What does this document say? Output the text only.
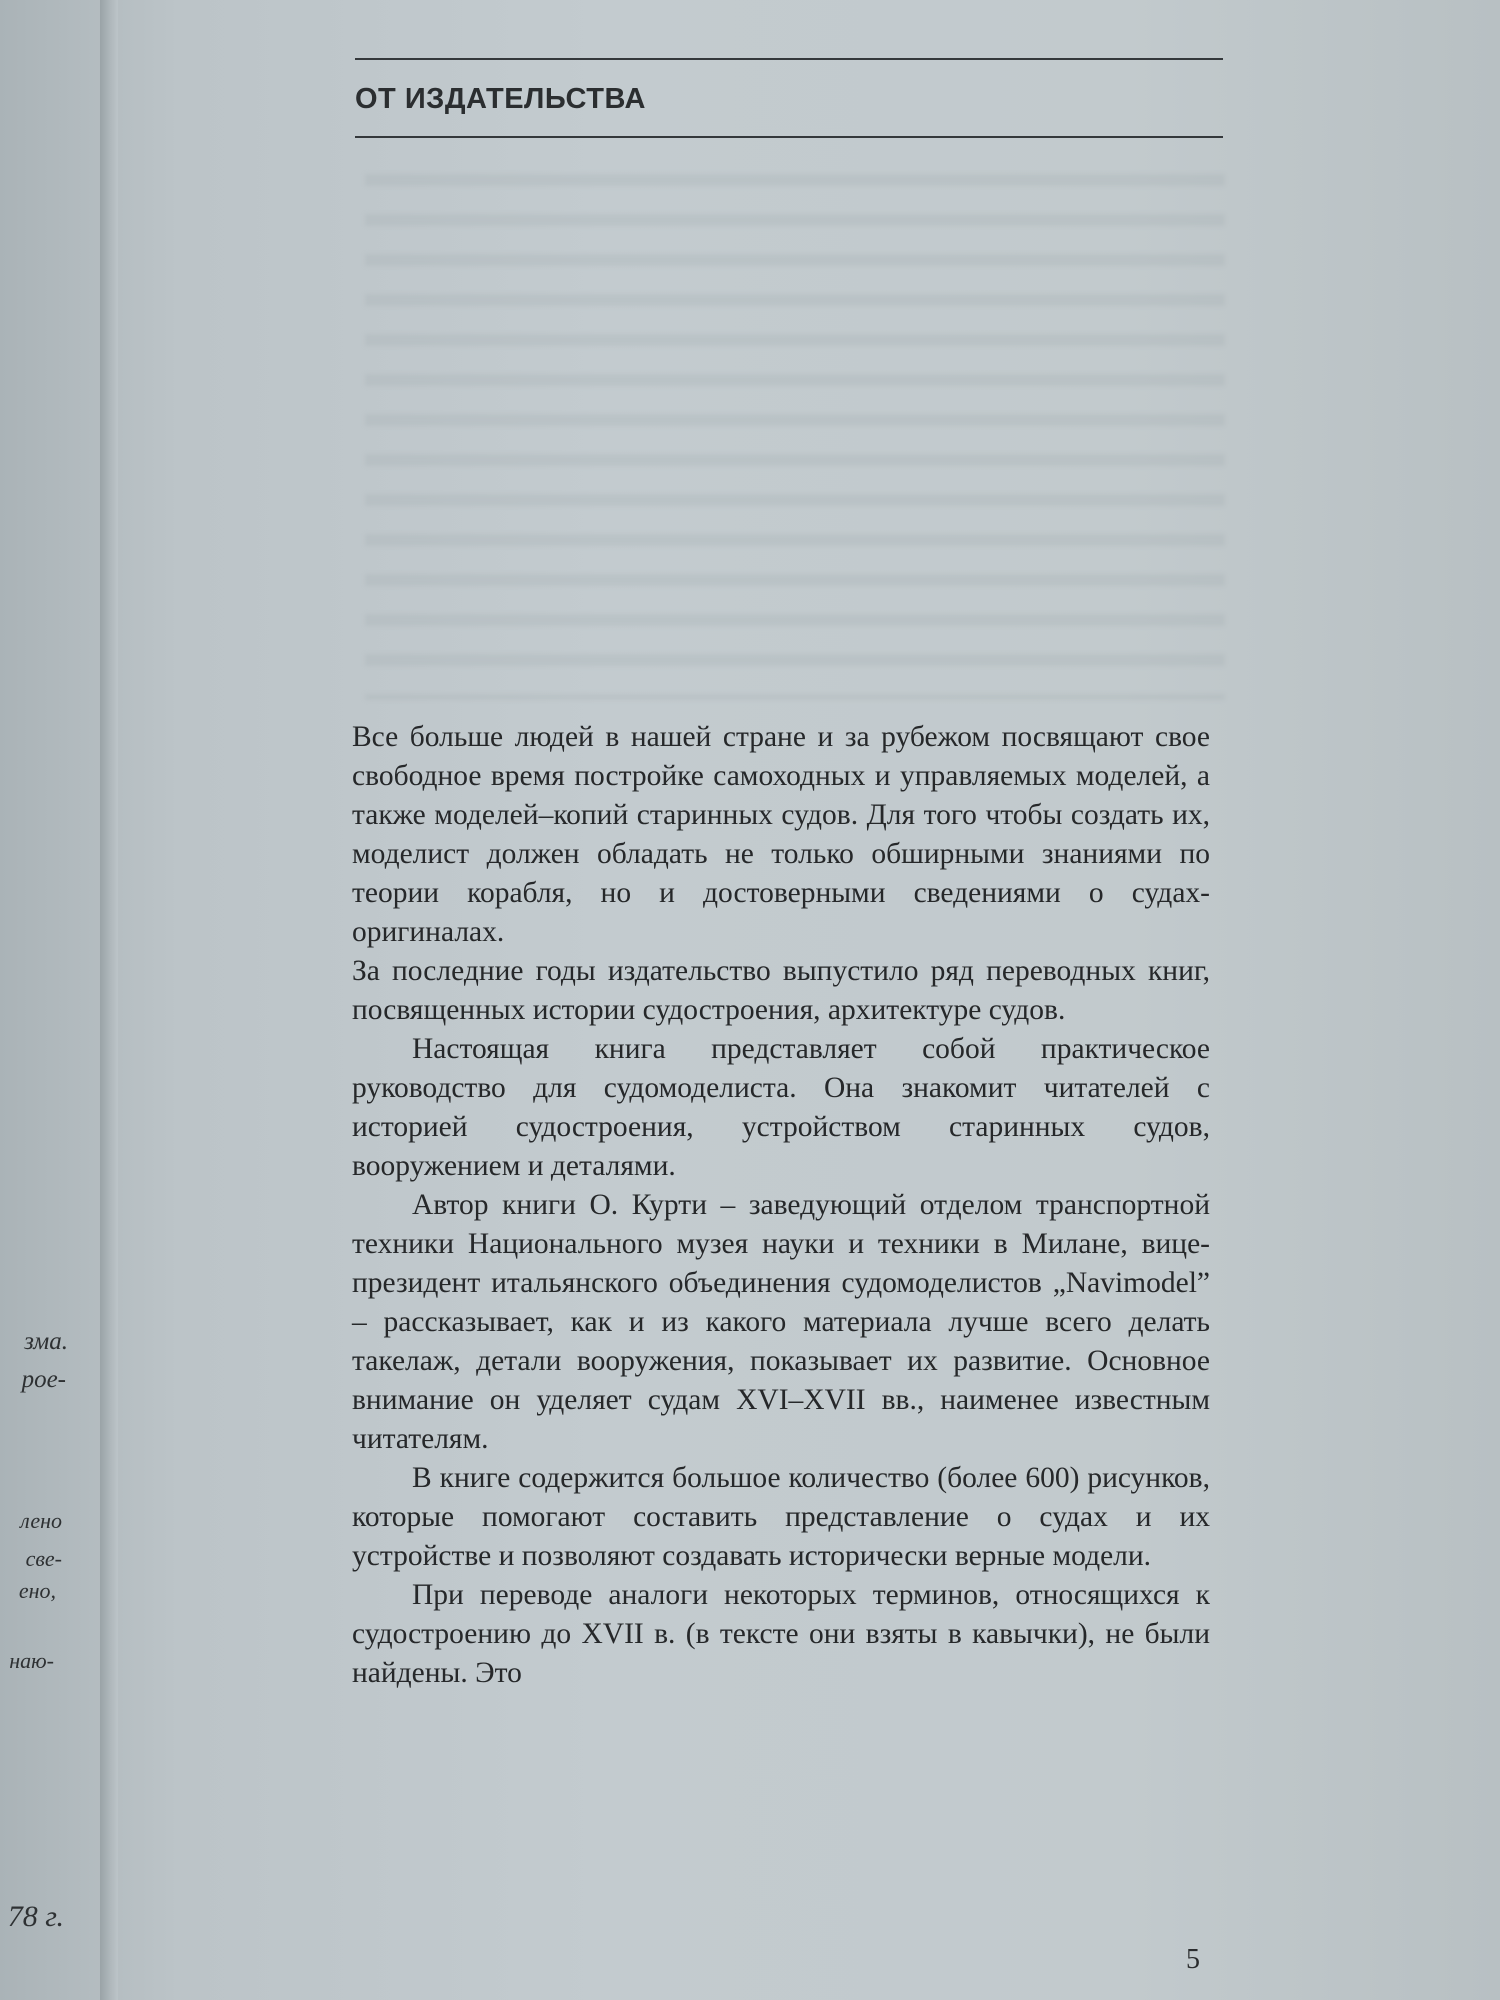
зма.
рое-
лено
све-
ено,
наю-
78 г.
ОТ ИЗДАТЕЛЬСТВА

Все больше людей в нашей стране и за рубежом посвящают свое свободное время постройке самоходных и управляемых моделей, а также моделей–копий старинных судов. Для того чтобы создать их, моделист должен обладать не только обширными знаниями по теории корабля, но и достоверными сведениями о судах-оригиналах.

За последние годы издательство выпустило ряд переводных книг, посвященных истории судостроения, архитектуре судов.

Настоящая книга представляет собой практическое руководство для судомоделиста. Она знакомит читателей с историей судостроения, устройством старинных судов, вооружением и деталями.

Автор книги О. Курти – заведующий отделом транспортной техники Национального музея науки и техники в Милане, вице-президент итальянского объединения судомоделистов „Navimodel” – рассказывает, как и из какого материала лучше всего делать такелаж, детали вооружения, показывает их развитие. Основное внимание он уделяет судам XVI–XVII вв., наименее известным читателям.

В книге содержится большое количество (более 600) рисунков, которые помогают составить представление о судах и их устройстве и позволяют создавать исторически верные модели.

При переводе аналоги некоторых терминов, относящихся к судостроению до XVII в. (в тексте они взяты в кавычки), не были найдены. Это

5
